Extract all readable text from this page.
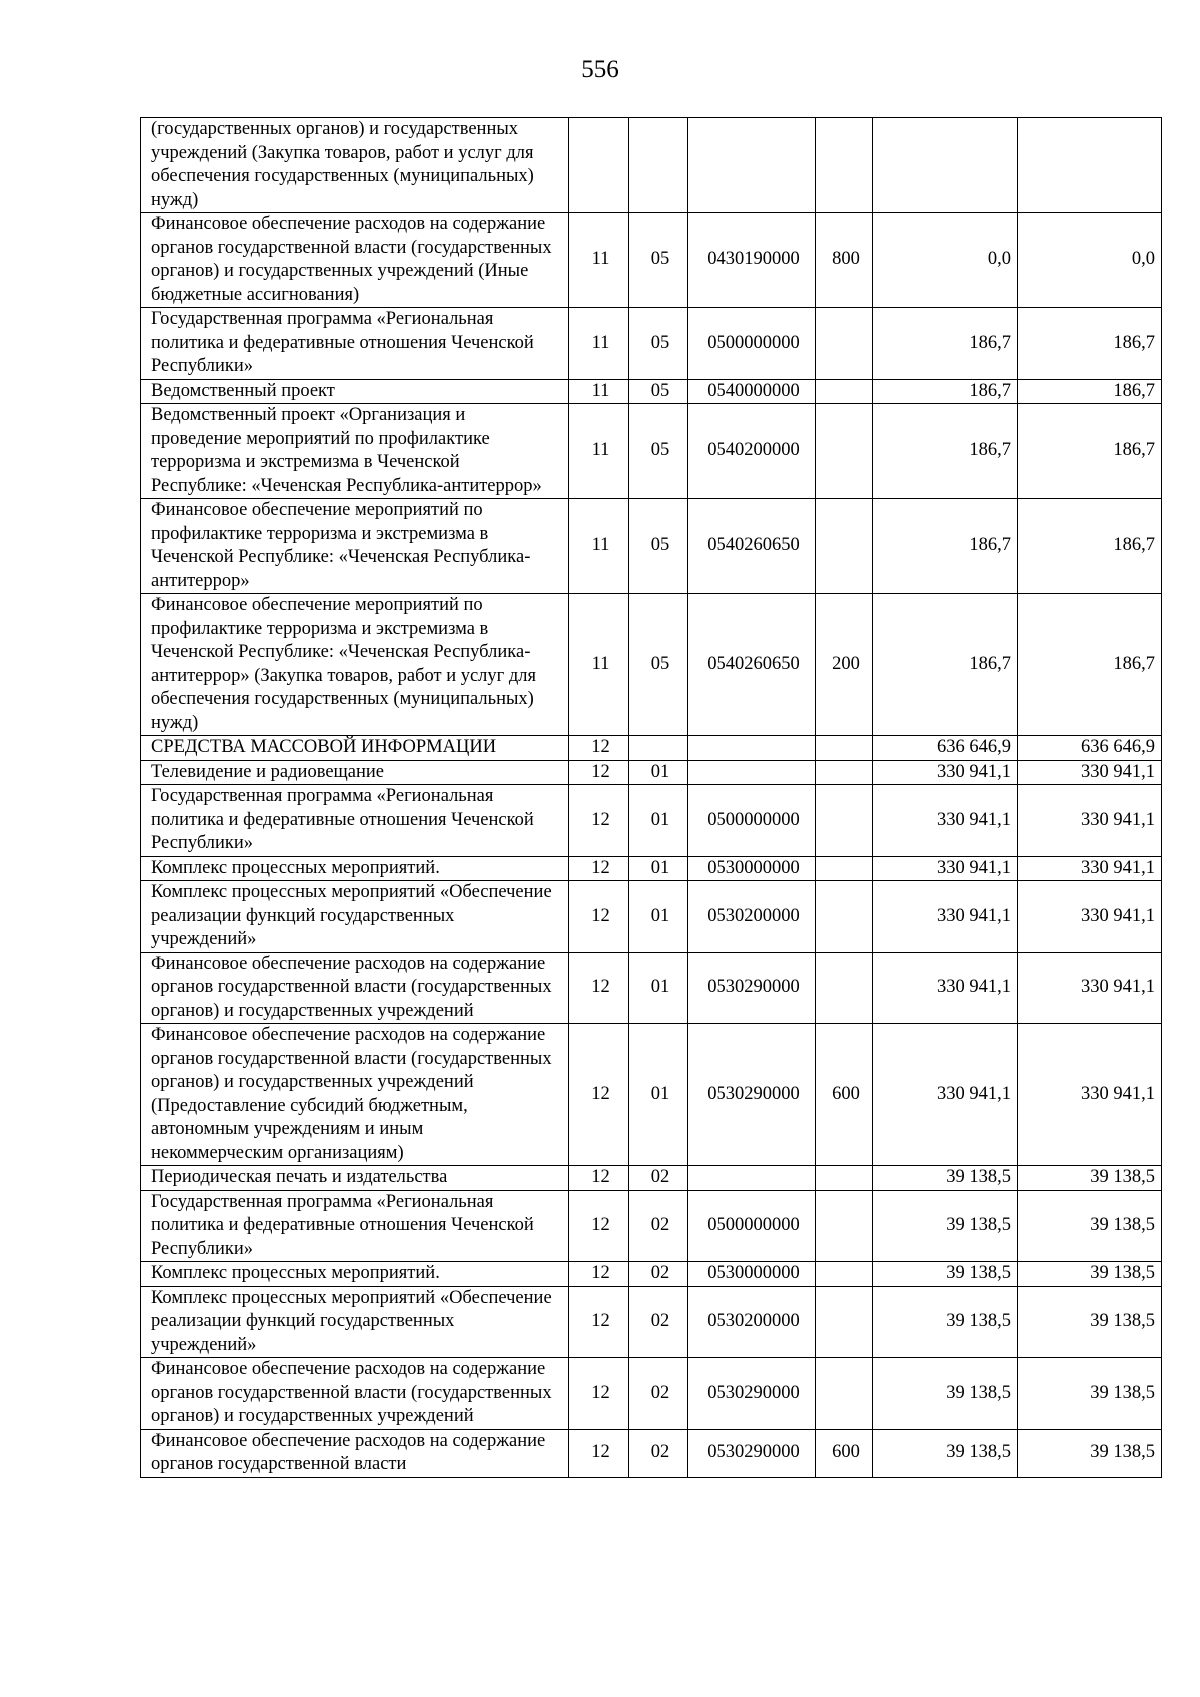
556
(государственных органов) и государственных учреждений (Закупка товаров, работ и услуг для обеспечения государственных (муниципальных) нужд)						
Финансовое обеспечение расходов на содержание органов государственной власти (государственных органов) и государственных учреждений (Иные бюджетные ассигнования)	11	05	0430190000	800	0,0	0,0
Государственная программа «Региональная политика и федеративные отношения Чеченской Республики»	11	05	0500000000		186,7	186,7
Ведомственный проект	11	05	0540000000		186,7	186,7
Ведомственный проект «Организация и проведение мероприятий по профилактике терроризма и экстремизма в Чеченской Республике: «Чеченская Республика-антитеррор»	11	05	0540200000		186,7	186,7
Финансовое обеспечение мероприятий по профилактике терроризма и экстремизма в Чеченской Республике: «Чеченская Республика-антитеррор»	11	05	0540260650		186,7	186,7
Финансовое обеспечение мероприятий по профилактике терроризма и экстремизма в Чеченской Республике: «Чеченская Республика-антитеррор» (Закупка товаров, работ и услуг для обеспечения государственных (муниципальных) нужд)	11	05	0540260650	200	186,7	186,7
СРЕДСТВА МАССОВОЙ ИНФОРМАЦИИ	12				636 646,9	636 646,9
Телевидение и радиовещание	12	01			330 941,1	330 941,1
Государственная программа «Региональная политика и федеративные отношения Чеченской Республики»	12	01	0500000000		330 941,1	330 941,1
Комплекс процессных мероприятий.	12	01	0530000000		330 941,1	330 941,1
Комплекс процессных мероприятий «Обеспечение реализации функций государственных учреждений»	12	01	0530200000		330 941,1	330 941,1
Финансовое обеспечение расходов на содержание органов государственной власти (государственных органов) и государственных учреждений	12	01	0530290000		330 941,1	330 941,1
Финансовое обеспечение расходов на содержание органов государственной власти (государственных органов) и государственных учреждений (Предоставление субсидий бюджетным, автономным учреждениям и иным некоммерческим организациям)	12	01	0530290000	600	330 941,1	330 941,1
Периодическая печать и издательства	12	02			39 138,5	39 138,5
Государственная программа «Региональная политика и федеративные отношения Чеченской Республики»	12	02	0500000000		39 138,5	39 138,5
Комплекс процессных мероприятий.	12	02	0530000000		39 138,5	39 138,5
Комплекс процессных мероприятий «Обеспечение реализации функций государственных учреждений»	12	02	0530200000		39 138,5	39 138,5
Финансовое обеспечение расходов на содержание органов государственной власти (государственных органов) и государственных учреждений	12	02	0530290000		39 138,5	39 138,5
Финансовое обеспечение расходов на содержание органов государственной власти	12	02	0530290000	600	39 138,5	39 138,5
